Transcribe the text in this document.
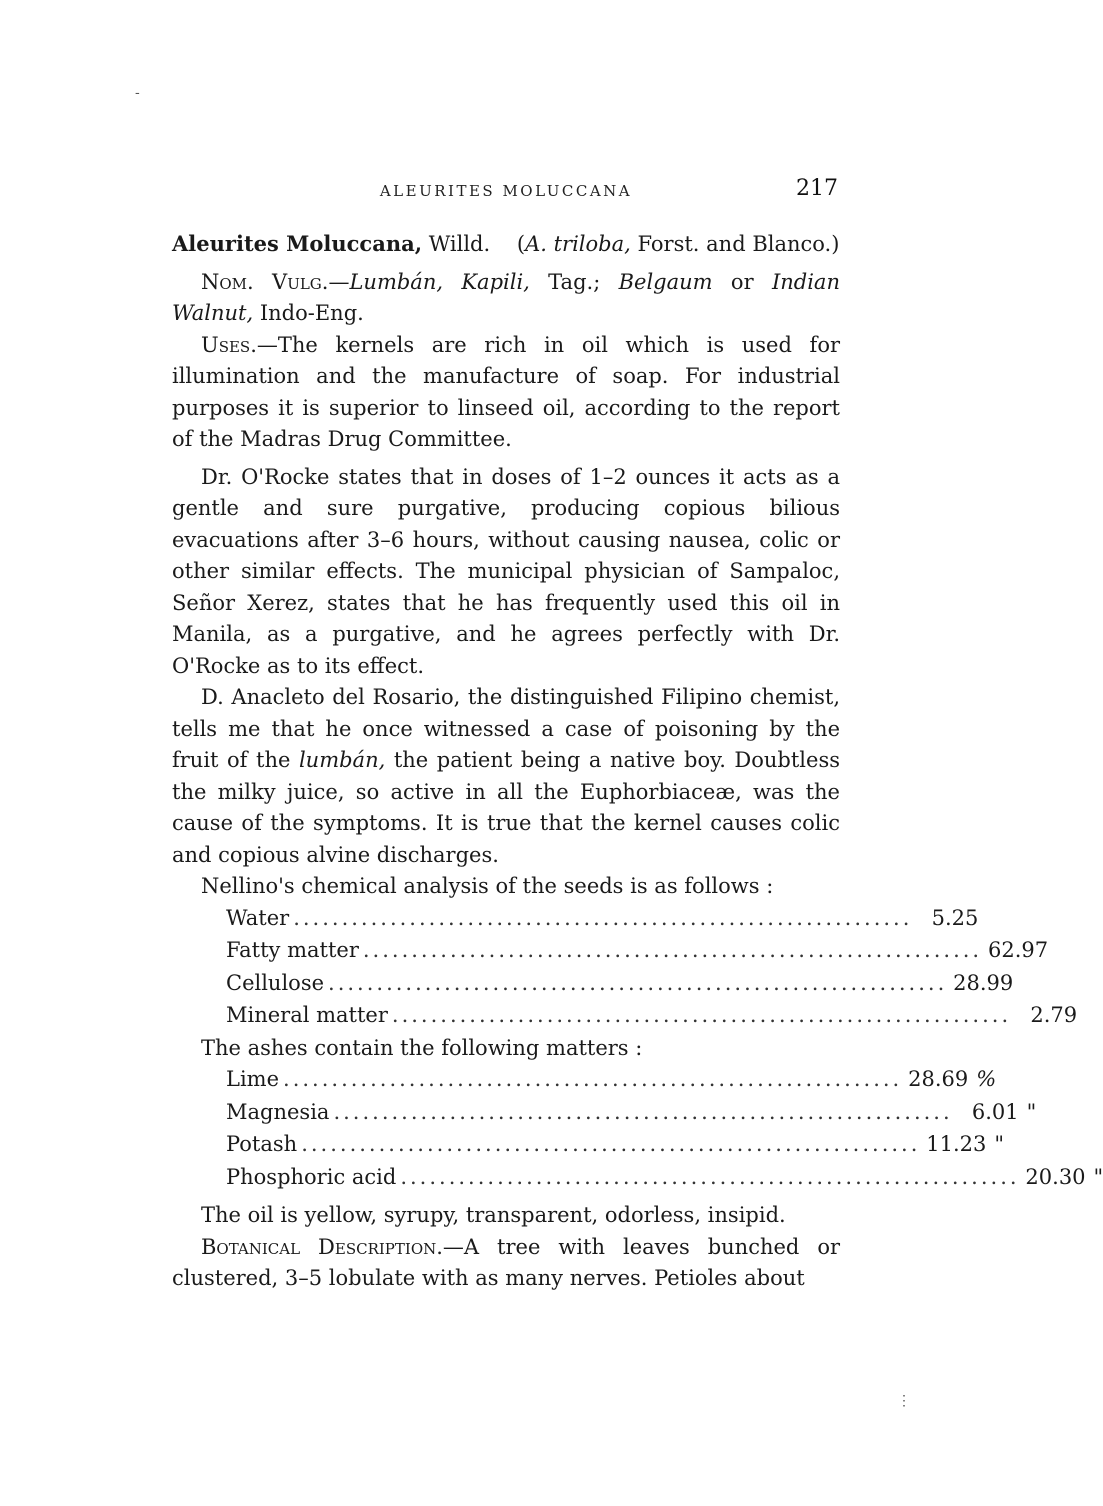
ALEURITES MOLUCCANA	217

Aleurites Moluccana, Willd. (A. triloba, Forst. and Blanco.)

Nom. Vulg.—Lumbán, Kapili, Tag.; Belgaum or Indian Walnut, Indo-Eng.

Uses.—The kernels are rich in oil which is used for illumination and the manufacture of soap. For industrial purposes it is superior to linseed oil, according to the report of the Madras Drug Committee.

Dr. O'Rocke states that in doses of 1–2 ounces it acts as a gentle and sure purgative, producing copious bilious evacuations after 3–6 hours, without causing nausea, colic or other similar effects. The municipal physician of Sampaloc, Señor Xerez, states that he has frequently used this oil in Manila, as a purgative, and he agrees perfectly with Dr. O'Rocke as to its effect.

D. Anacleto del Rosario, the distinguished Filipino chemist, tells me that he once witnessed a case of poisoning by the fruit of the lumbán, the patient being a native boy. Doubtless the milky juice, so active in all the Euphorbiaceæ, was the cause of the symptoms. It is true that the kernel causes colic and copious alvine discharges.

Nellino's chemical analysis of the seeds is as follows :

Water ................................................................ 5.25
Fatty matter ................................................................ 62.97
Cellulose ................................................................ 28.99
Mineral matter ................................................................ 2.79

The ashes contain the following matters :

Lime ................................................................ 28.69 %
Magnesia ................................................................ 6.01 "
Potash ................................................................ 11.23 "
Phosphoric acid ................................................................ 20.30 "

The oil is yellow, syrupy, transparent, odorless, insipid.

Botanical Description.—A tree with leaves bunched or clustered, 3–5 lobulate with as many nerves. Petioles about

-
⋮
